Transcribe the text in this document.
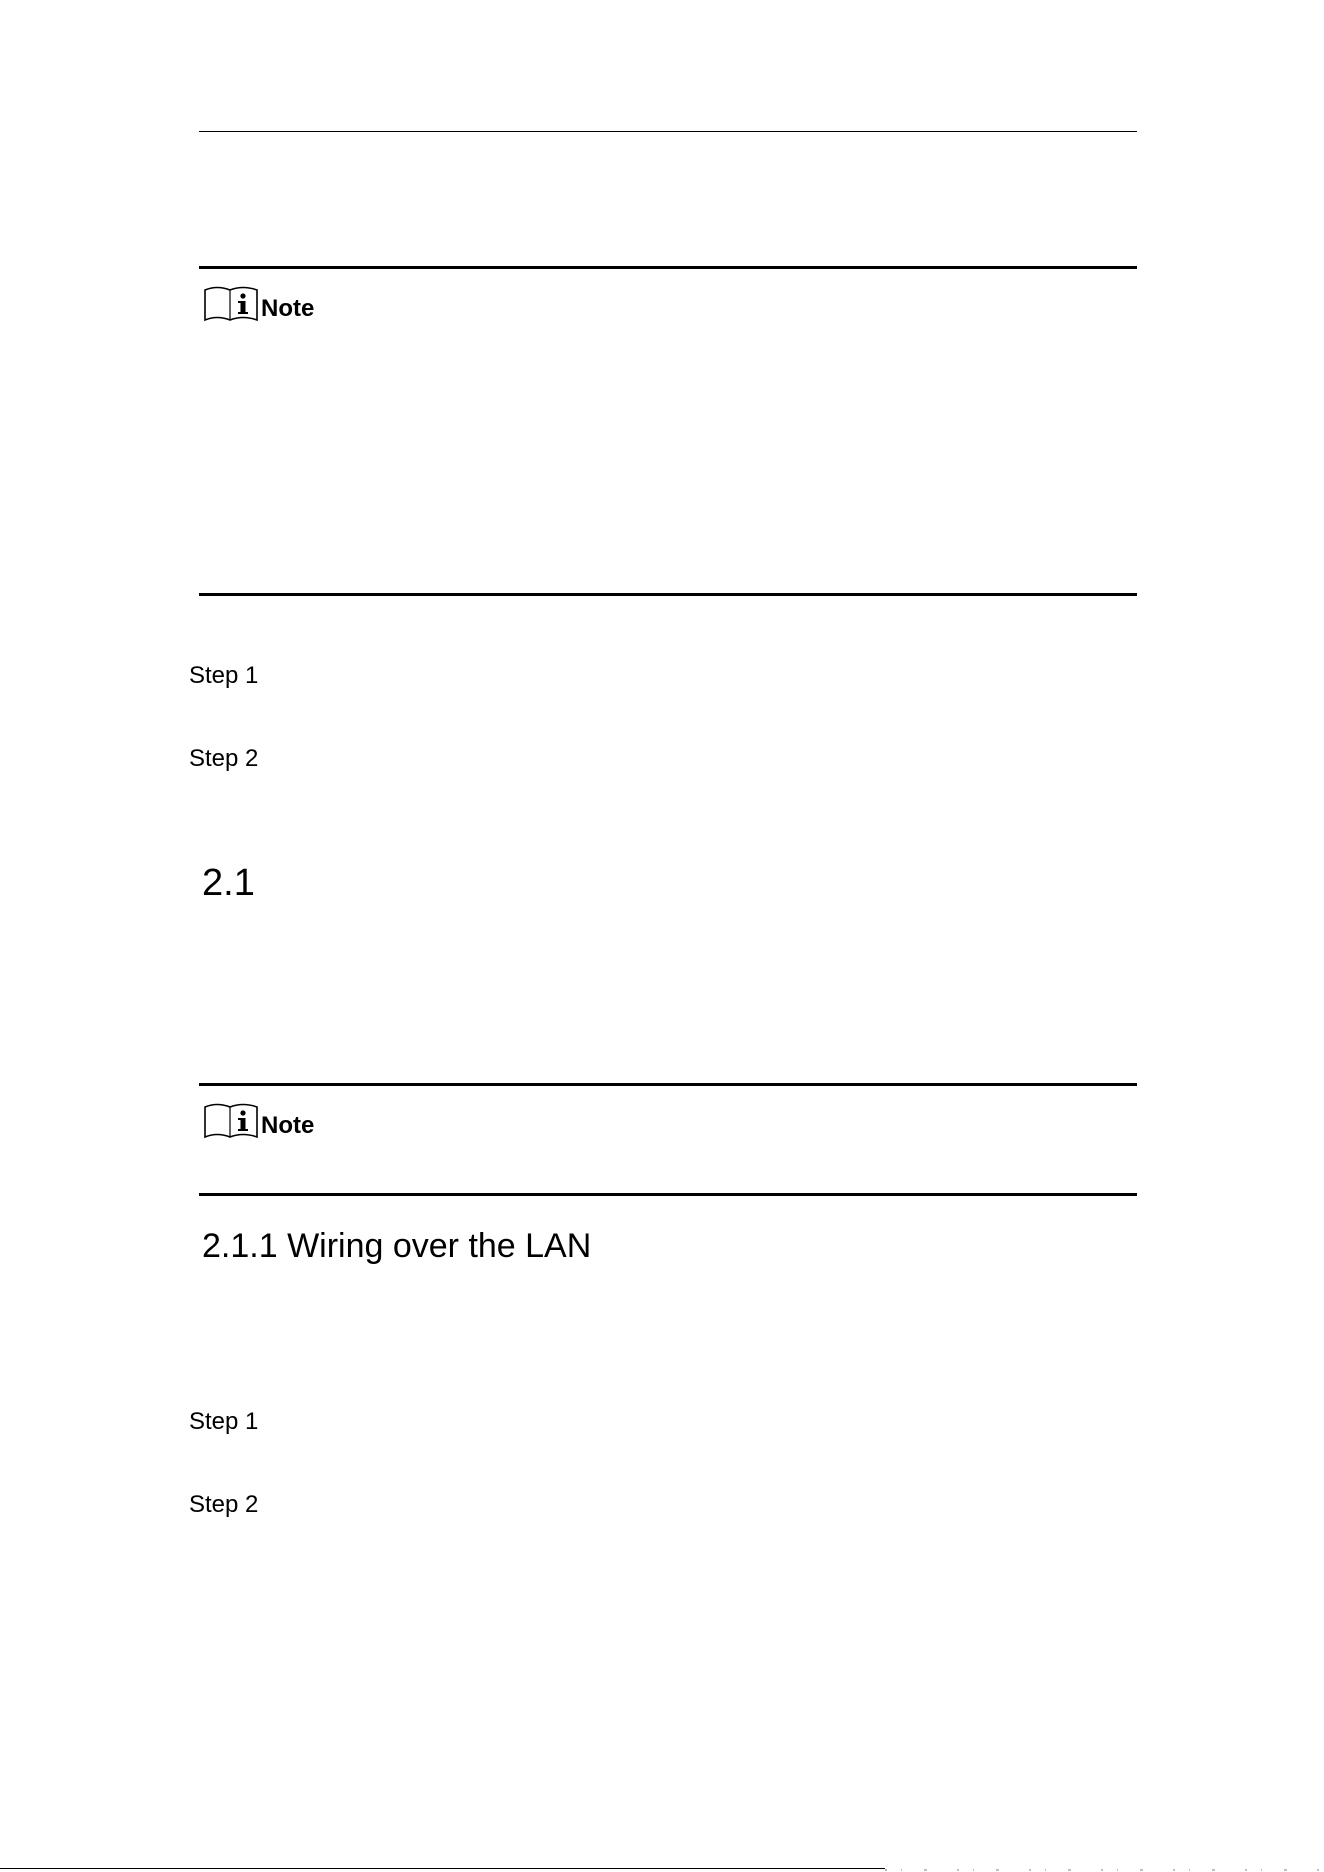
Note
Step 1
Step 2
2.1
Note
2.1.1 Wiring over the LAN
Step 1
Step 2
